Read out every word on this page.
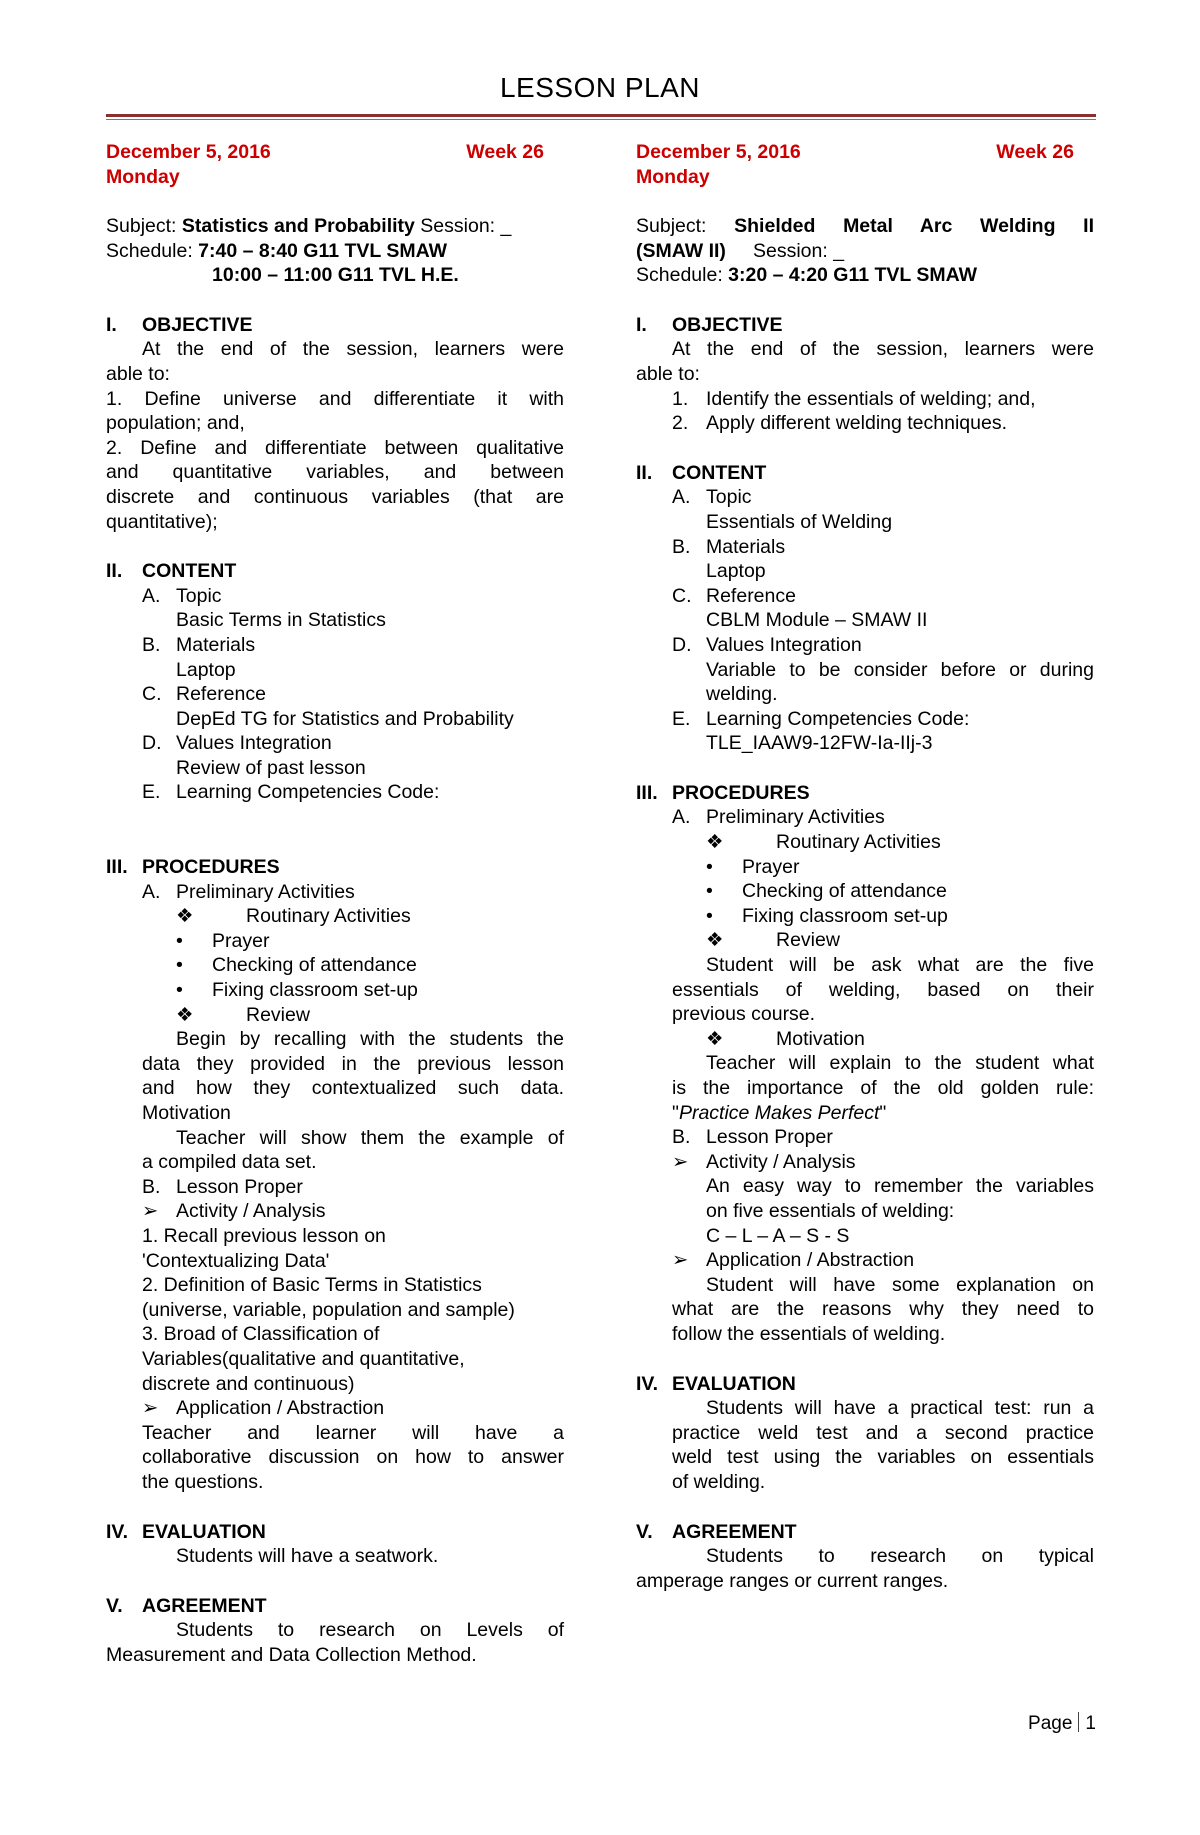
LESSON PLAN
December 5, 2016	Week 26
Monday
Subject: Statistics and Probability Session: _
Schedule: 7:40 – 8:40 G11 TVL SMAW
10:00 – 11:00 G11 TVL H.E.
I. OBJECTIVE
At the end of the session, learners were
able to:
1. Define universe and differentiate it with
population; and,
2. Define and differentiate between qualitative
and quantitative variables, and between
discrete and continuous variables (that are
quantitative);
II. CONTENT
A. Topic
Basic Terms in Statistics
B. Materials
Laptop
C. Reference
DepEd TG for Statistics and Probability
D. Values Integration
Review of past lesson
E. Learning Competencies Code:
III. PROCEDURES
A. Preliminary Activities
❖	Routinary Activities
• Prayer
• Checking of attendance
• Fixing classroom set-up
❖	Review
Begin by recalling with the students the
data they provided in the previous lesson
and how they contextualized such data.
Motivation
Teacher will show them the example of
a compiled data set.
B. Lesson Proper
➢ Activity / Analysis
1. Recall previous lesson on
'Contextualizing Data'
2. Definition of Basic Terms in Statistics
(universe, variable, population and sample)
3. Broad of Classification of
Variables(qualitative and quantitative,
discrete and continuous)
➢ Application / Abstraction
Teacher and learner will have a
collaborative discussion on how to answer
the questions.
IV. EVALUATION
Students will have a seatwork.
V. AGREEMENT
Students to research on Levels of
Measurement and Data Collection Method.
December 5, 2016	Week 26
Monday
Subject: Shielded Metal Arc Welding II
(SMAW II) Session: _
Schedule: 3:20 – 4:20 G11 TVL SMAW
I. OBJECTIVE
At the end of the session, learners were
able to:
1. Identify the essentials of welding; and,
2. Apply different welding techniques.
II. CONTENT
A. Topic
Essentials of Welding
B. Materials
Laptop
C. Reference
CBLM Module – SMAW II
D. Values Integration
Variable to be consider before or during
welding.
E. Learning Competencies Code:
TLE_IAAW9-12FW-Ia-IIj-3
III. PROCEDURES
A. Preliminary Activities
❖	Routinary Activities
• Prayer
• Checking of attendance
• Fixing classroom set-up
❖	Review
Student will be ask what are the five
essentials of welding, based on their
previous course.
❖	Motivation
Teacher will explain to the student what
is the importance of the old golden rule:
"Practice Makes Perfect"
B. Lesson Proper
➢ Activity / Analysis
An easy way to remember the variables
on five essentials of welding:
C – L – A – S - S
➢ Application / Abstraction
Student will have some explanation on
what are the reasons why they need to
follow the essentials of welding.
IV. EVALUATION
Students will have a practical test: run a
practice weld test and a second practice
weld test using the variables on essentials
of welding.
V. AGREEMENT
Students to research on typical
amperage ranges or current ranges.
Page 1
